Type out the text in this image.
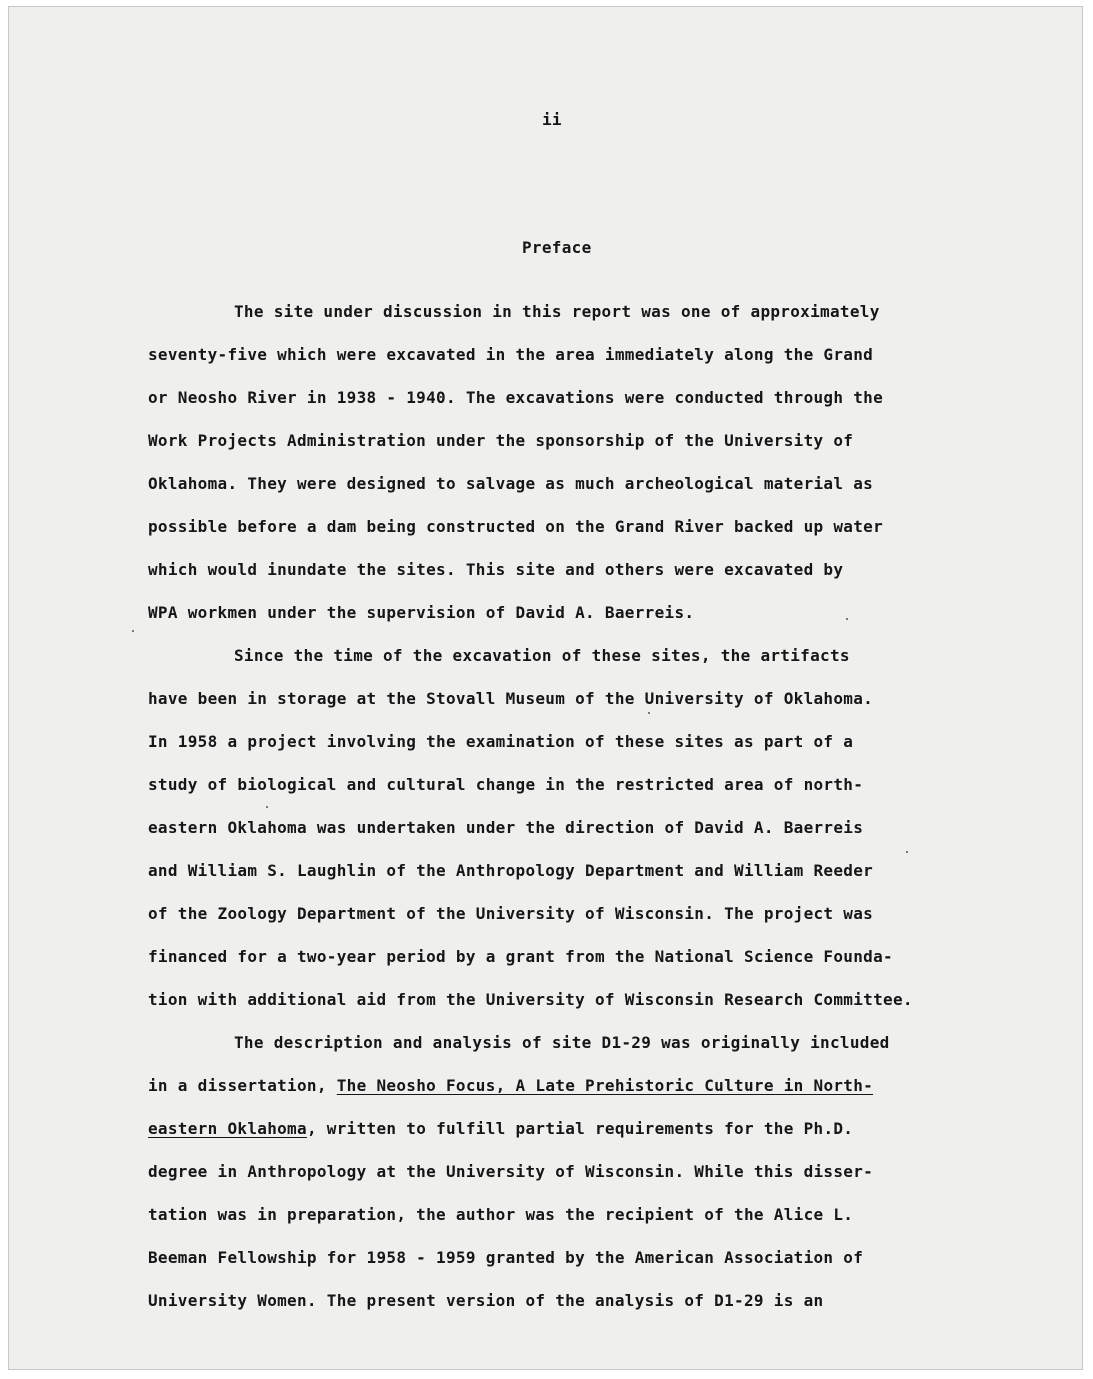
ii
Preface
The site under discussion in this report was one of approximately
seventy-five which were excavated in the area immediately along the Grand
or Neosho River in 1938 - 1940. The excavations were conducted through the
Work Projects Administration under the sponsorship of the University of
Oklahoma. They were designed to salvage as much archeological material as
possible before a dam being constructed on the Grand River backed up water
which would inundate the sites. This site and others were excavated by
WPA workmen under the supervision of David A. Baerreis.
Since the time of the excavation of these sites, the artifacts
have been in storage at the Stovall Museum of the University of Oklahoma.
In 1958 a project involving the examination of these sites as part of a
study of biological and cultural change in the restricted area of north-
eastern Oklahoma was undertaken under the direction of David A. Baerreis
and William S. Laughlin of the Anthropology Department and William Reeder
of the Zoology Department of the University of Wisconsin. The project was
financed for a two-year period by a grant from the National Science Founda-
tion with additional aid from the University of Wisconsin Research Committee.
The description and analysis of site D1-29 was originally included
in a dissertation, The Neosho Focus, A Late Prehistoric Culture in North-
eastern Oklahoma, written to fulfill partial requirements for the Ph.D.
degree in Anthropology at the University of Wisconsin. While this disser-
tation was in preparation, the author was the recipient of the Alice L.
Beeman Fellowship for 1958 - 1959 granted by the American Association of
University Women. The present version of the analysis of D1-29 is an
